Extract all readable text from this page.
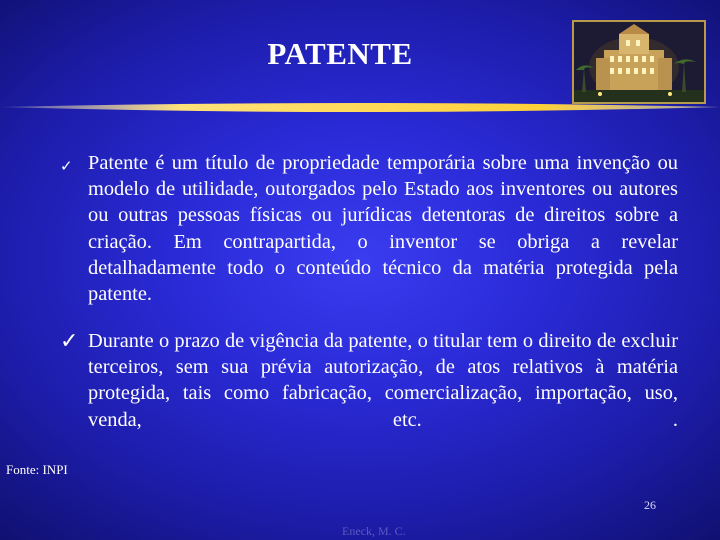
PATENTE
✓ Patente é um título de propriedade temporária sobre uma invenção ou modelo de utilidade, outorgados pelo Estado aos inventores ou autores ou outras pessoas físicas ou jurídicas detentoras de direitos sobre a criação. Em contrapartida, o inventor se obriga a revelar detalhadamente todo o conteúdo técnico da matéria protegida pela patente.
✓ Durante o prazo de vigência da patente, o titular tem o direito de excluir terceiros, sem sua prévia autorização, de atos relativos à matéria protegida, tais como fabricação, comercialização, importação, uso, venda, etc. .
Fonte: INPI
26
Eneck, M. C.
